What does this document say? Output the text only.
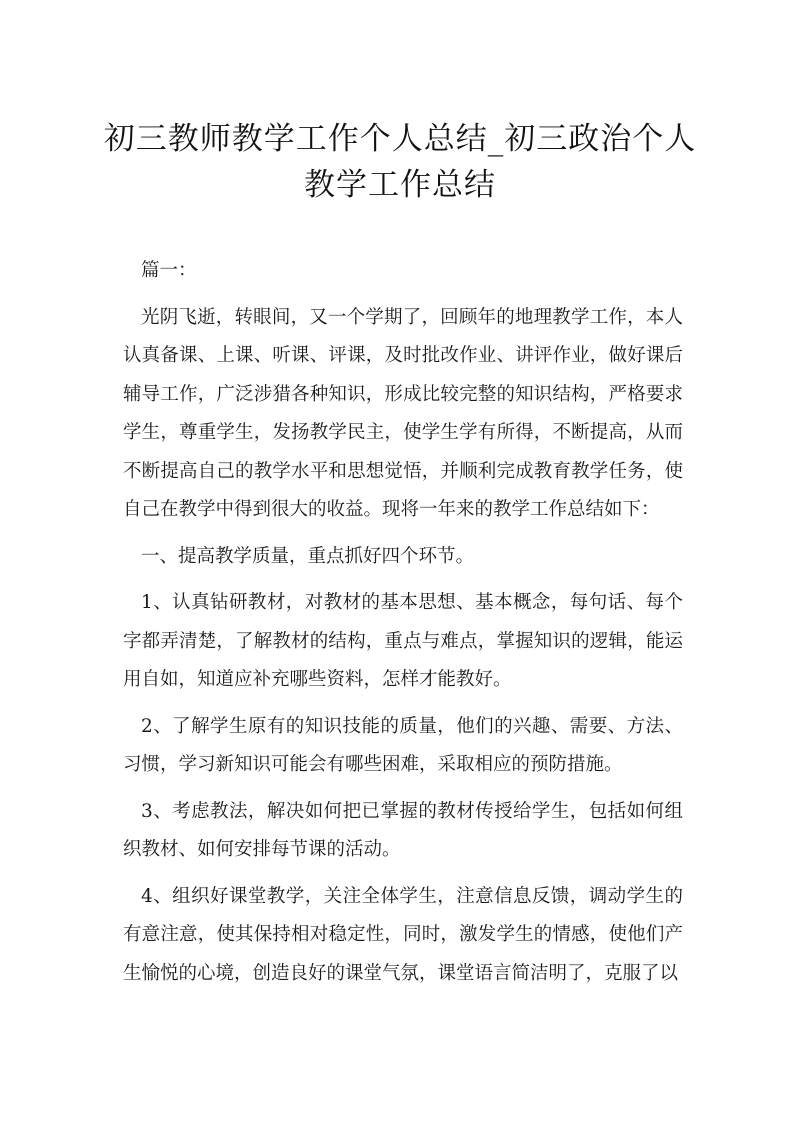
初三教师教学工作个人总结_初三政治个人教学工作总结

篇一：

光阴飞逝，转眼间，又一个学期了，回顾年的地理教学工作，本人认真备课、上课、听课、评课，及时批改作业、讲评作业，做好课后辅导工作，广泛涉猎各种知识，形成比较完整的知识结构，严格要求学生，尊重学生，发扬教学民主，使学生学有所得，不断提高，从而不断提高自己的教学水平和思想觉悟，并顺利完成教育教学任务，使自己在教学中得到很大的收益。现将一年来的教学工作总结如下：

一、提高教学质量，重点抓好四个环节。

1、认真钻研教材，对教材的基本思想、基本概念，每句话、每个字都弄清楚，了解教材的结构，重点与难点，掌握知识的逻辑，能运用自如，知道应补充哪些资料，怎样才能教好。

2、了解学生原有的知识技能的质量，他们的兴趣、需要、方法、习惯，学习新知识可能会有哪些困难，采取相应的预防措施。

3、考虑教法，解决如何把已掌握的教材传授给学生，包括如何组织教材、如何安排每节课的活动。

4、组织好课堂教学，关注全体学生，注意信息反馈，调动学生的有意注意，使其保持相对稳定性，同时，激发学生的情感，使他们产生愉悦的心境，创造良好的课堂气氛，课堂语言简洁明了，克服了以
